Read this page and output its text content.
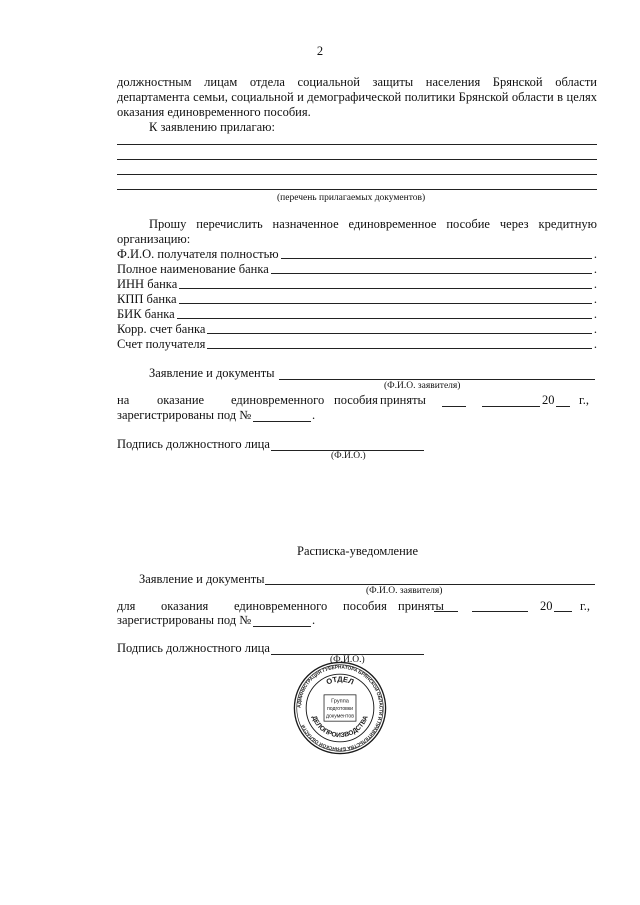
2
должностным лицам отдела социальной защиты населения Брянской области
департамента семьи, социальной и демографической политики Брянской области в целях
оказания единовременного пособия.
К заявлению прилагаю:
(перечень прилагаемых документов)
Прошу перечислить назначенное единовременное пособие через кредитную
организацию:
Ф.И.О. получателя полностью	.
Полное наименование банка	.
ИНН банка	.
КПП банка	.
БИК банка	.
Корр. счет банка	.
Счет получателя	.
Заявление и документы
(Ф.И.О. заявителя)
на оказание единовременного пособия приняты	20 г.,
зарегистрированы под №	.
Подпись должностного лица
(Ф.И.О.)
Расписка-уведомление
Заявление и документы
(Ф.И.О. заявителя)
для оказания единовременного пособия приняты	20 г.,
зарегистрированы под №	.
Подпись должностного лица
(Ф.И.О.)
АДМИНИСТРАЦИЯ ГУБЕРНАТОРА БРЯНСКОЙ ОБЛАСТИ И ПРАВИТЕЛЬСТВА БРЯНСКОЙ ОБЛАСТИ
ОТДЕЛ
ДЕЛОПРОИЗВОДСТВА
Группа
подготовки
документов
